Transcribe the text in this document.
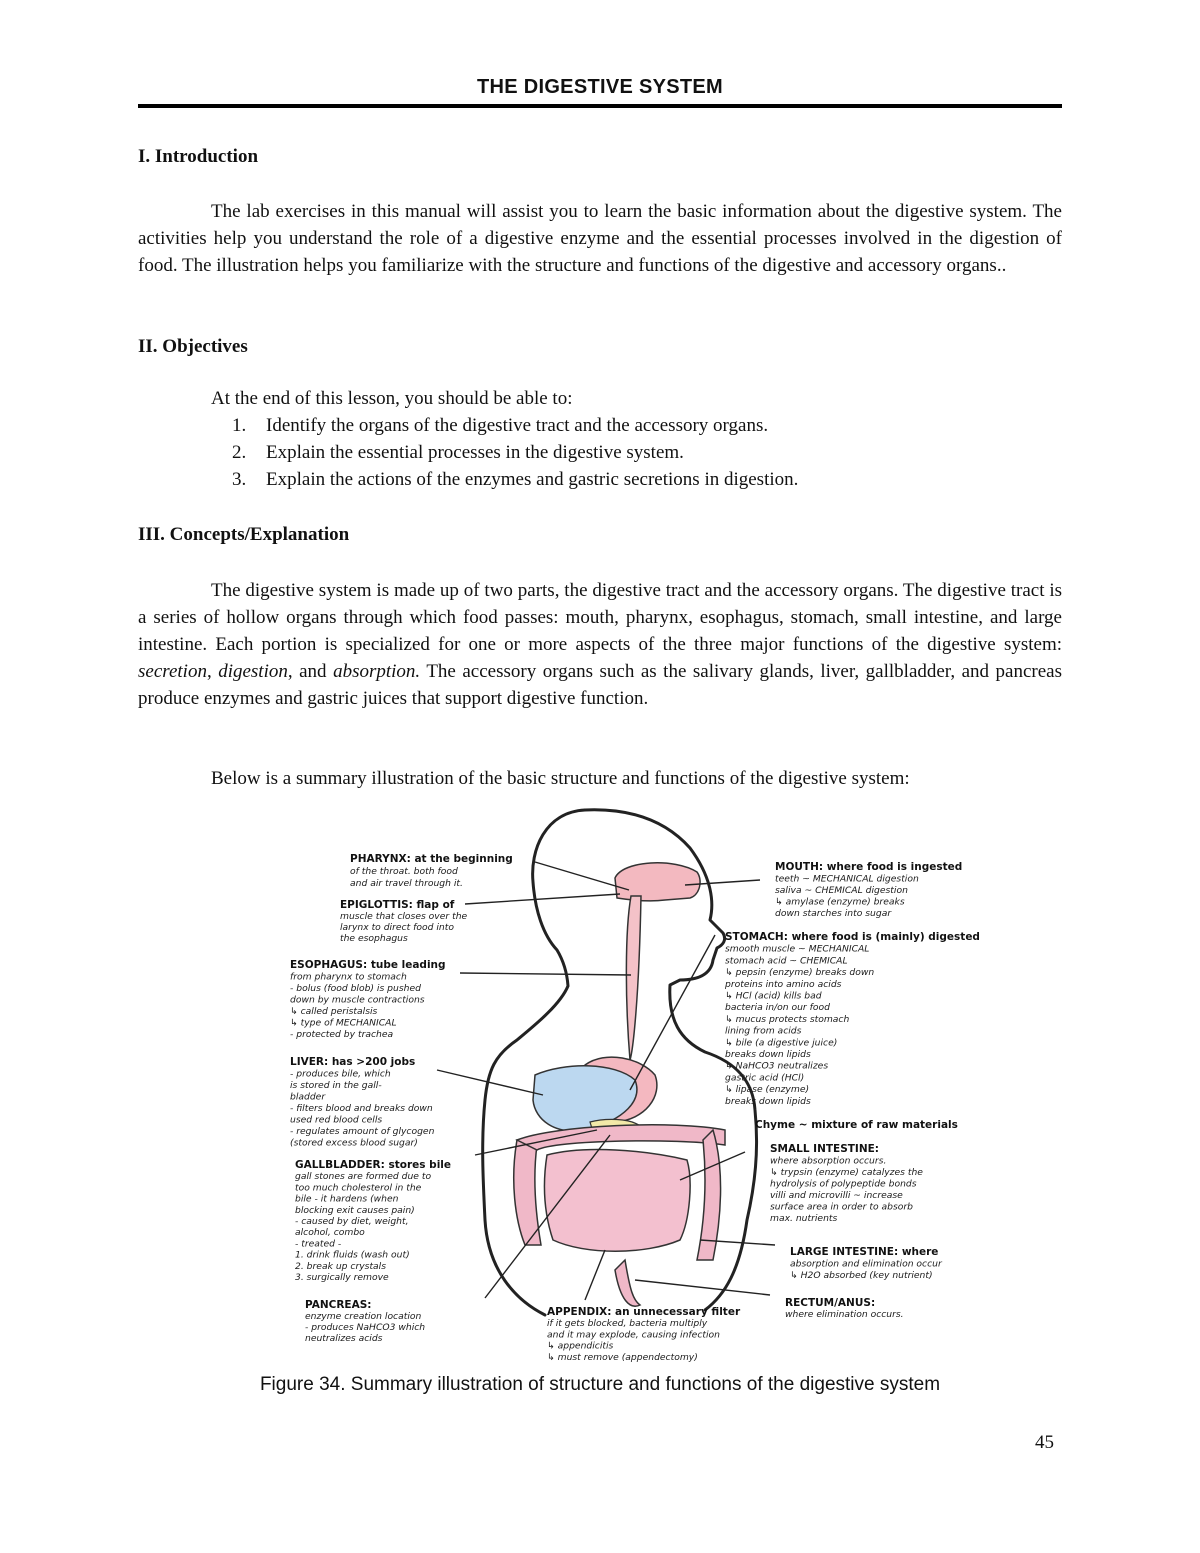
THE DIGESTIVE SYSTEM
I. Introduction
The lab exercises in this manual will assist you to learn the basic information about the digestive system. The activities help you understand the role of a digestive enzyme and the essential processes involved in the digestion of food. The illustration helps you familiarize with the structure and functions of the digestive and accessory organs..
II. Objectives
At the end of this lesson, you should be able to:
1. Identify the organs of the digestive tract and the accessory organs.
2. Explain the essential processes in the digestive system.
3. Explain the actions of the enzymes and gastric secretions in digestion.
III. Concepts/Explanation
The digestive system is made up of two parts, the digestive tract and the accessory organs. The digestive tract is a series of hollow organs through which food passes: mouth, pharynx, esophagus, stomach, small intestine, and large intestine. Each portion is specialized for one or more aspects of the three major functions of the digestive system: secretion, digestion, and absorption. The accessory organs such as the salivary glands, liver, gallbladder, and pancreas produce enzymes and gastric juices that support digestive function.
Below is a summary illustration of the basic structure and functions of the digestive system:
PHARYNX: at the beginning
of the throat. both food
and air travel through it.
EPIGLOTTIS: flap of
muscle that closes over the
larynx to direct food into
the esophagus
ESOPHAGUS: tube leading
from pharynx to stomach
- bolus (food blob) is pushed
down by muscle contractions
↳ called peristalsis
↳ type of MECHANICAL
- protected by trachea
LIVER: has >200 jobs
- produces bile, which
is stored in the gall-
bladder
- filters blood and breaks down
used red blood cells
- regulates amount of glycogen
(stored excess blood sugar)
GALLBLADDER: stores bile
gall stones are formed due to
too much cholesterol in the
bile - it hardens (when
blocking exit causes pain)
- caused by diet, weight,
alcohol, combo
- treated -
1. drink fluids (wash out)
2. break up crystals
3. surgically remove
PANCREAS:
enzyme creation location
- produces NaHCO3 which
neutralizes acids
APPENDIX: an unnecessary filter
if it gets blocked, bacteria multiply
and it may explode, causing infection
↳ appendicitis
↳ must remove (appendectomy)
MOUTH: where food is ingested
teeth ~ MECHANICAL digestion
saliva ~ CHEMICAL digestion
↳ amylase (enzyme) breaks
down starches into sugar
STOMACH: where food is (mainly) digested
smooth muscle ~ MECHANICAL
stomach acid ~ CHEMICAL
↳ pepsin (enzyme) breaks down
proteins into amino acids
↳ HCl (acid) kills bad
bacteria in/on our food
↳ mucus protects stomach
lining from acids
↳ bile (a digestive juice)
breaks down lipids
↳ NaHCO3 neutralizes
gastric acid (HCl)
↳ lipase (enzyme)
breaks down lipids
Chyme ~ mixture of raw materials
SMALL INTESTINE:
where absorption occurs.
↳ trypsin (enzyme) catalyzes the
hydrolysis of polypeptide bonds
villi and microvilli ~ increase
surface area in order to absorb
max. nutrients
LARGE INTESTINE: where
absorption and elimination occur
↳ H2O absorbed (key nutrient)
RECTUM/ANUS:
where elimination occurs.
Figure 34. Summary illustration of structure and functions of the digestive system
45
